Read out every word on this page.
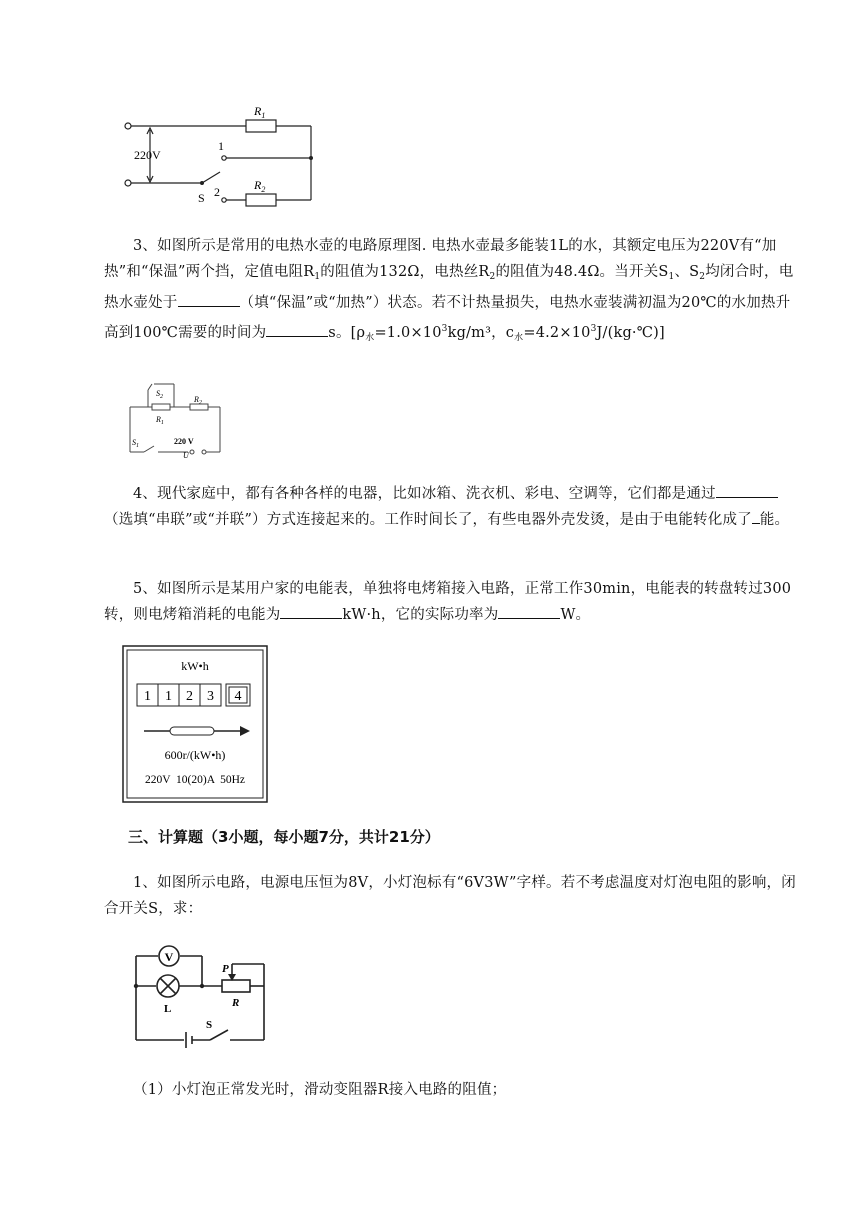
$R_1$
$R_2$
220V
1
2
S

3、如图所示是常用的电热水壶的电路原理图. 电热水壶最多能装1L的水，其额定电压为220V有“加热”和“保温”两个挡，定值电阻$R_1$的阻值为132Ω，电热丝$R_2$的阻值为48.4Ω。当开关$S_1$、$S_2$均闭合时，电热水壶处于	（填“保温”或“加热”）状态。若不计热量损失，电热水壶装满初温为20℃的水加热升高到100℃需要的时间为	s。[$\rho_水=1.0\times 10^3kg/m^3$，$c_水=4.2\times 10^3J/(kg\cdot℃)$]

$S_2$
$R_1$
$R_2$
$S_1$	220 V
U

4、现代家庭中，都有各种各样的电器，比如冰箱、洗衣机、彩电、空调等，它们都是通过（选填“串联”或“并联”）方式连接起来的。工作时间长了，有些电器外壳发烫，是由于电能转化成了 能。

5、如图所示是某用户家的电能表，单独将电烤箱接入电路，正常工作30min，电能表的转盘转过300转，则电烤箱消耗的电能为	kW·h，它的实际功率为	W。

kW•h
1 1 2 3 4
600r/(kW•h)
220V  10(20)A  50Hz
三、计算题（3小题，每小题7分，共计21分）

1、如图所示电路，电源电压恒为8V，小灯泡标有“6V3W”字样。若不考虑温度对灯泡电阻的影响，闭合开关S，求：

V
L
P
R
S

（1）小灯泡正常发光时，滑动变阻器R接入电路的阻值；
